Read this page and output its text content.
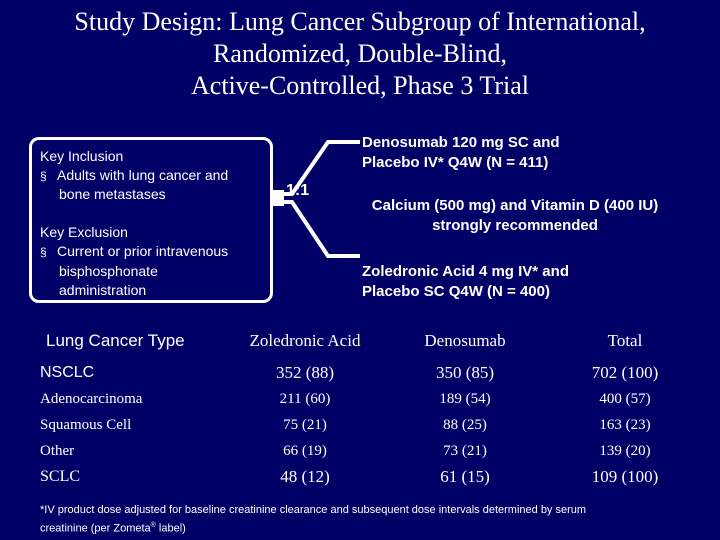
Study Design: Lung Cancer Subgroup of International,
Randomized, Double-Blind,
Active-Controlled, Phase 3 Trial
Key Inclusion
§ Adults with lung cancer and
bone metastases
Key Exclusion
§ Current or prior intravenous
bisphosphonate
administration
1:1
Denosumab 120 mg SC and
Placebo IV* Q4W (N = 411)
Calcium (500 mg) and Vitamin D (400 IU)
strongly recommended
Zoledronic Acid 4 mg IV* and
Placebo SC Q4W (N = 400)
Lung Cancer Type	Zoledronic Acid	Denosumab	Total
NSCLC	352 (88)	350 (85)	702 (100)
Adenocarcinoma	211 (60)	189 (54)	400 (57)
Squamous Cell	75 (21)	88 (25)	163 (23)
Other	66 (19)	73 (21)	139 (20)
SCLC	48 (12)	61 (15)	109 (100)
*IV product dose adjusted for baseline creatinine clearance and subsequent dose intervals determined by serum
creatinine (per Zometa® label)
